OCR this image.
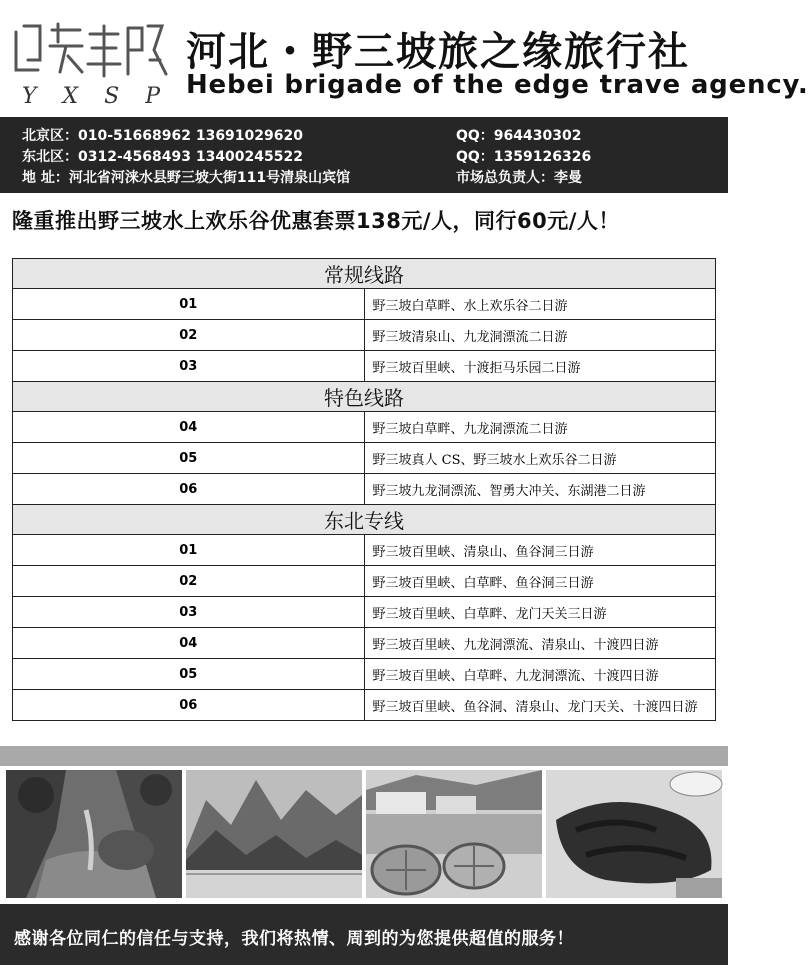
Y X S P
河北・野三坡旅之缘旅行社
Hebei brigade of the edge trave agency.
北京区：010-51668962 13691029620
东北区：0312-4568493 13400245522
地 址：河北省河涞水县野三坡大街111号清泉山宾馆
QQ：964430302
QQ：1359126326
市场总负责人：李曼
隆重推出野三坡水上欢乐谷优惠套票138元/人，同行60元/人！
常规线路	
01	野三坡白草畔、水上欢乐谷二日游
02	野三坡清泉山、九龙洞漂流二日游
03	野三坡百里峡、十渡拒马乐园二日游
特色线路	
04	野三坡白草畔、九龙洞漂流二日游
05	野三坡真人 CS、野三坡水上欢乐谷二日游
06	野三坡九龙洞漂流、智勇大冲关、东湖港二日游
东北专线	
01	野三坡百里峡、清泉山、鱼谷洞三日游
02	野三坡百里峡、白草畔、鱼谷洞三日游
03	野三坡百里峡、白草畔、龙门天关三日游
04	野三坡百里峡、九龙洞漂流、清泉山、十渡四日游
05	野三坡百里峡、白草畔、九龙洞漂流、十渡四日游
06	野三坡百里峡、鱼谷洞、清泉山、龙门天关、十渡四日游
感谢各位同仁的信任与支持，我们将热情、周到的为您提供超值的服务！
